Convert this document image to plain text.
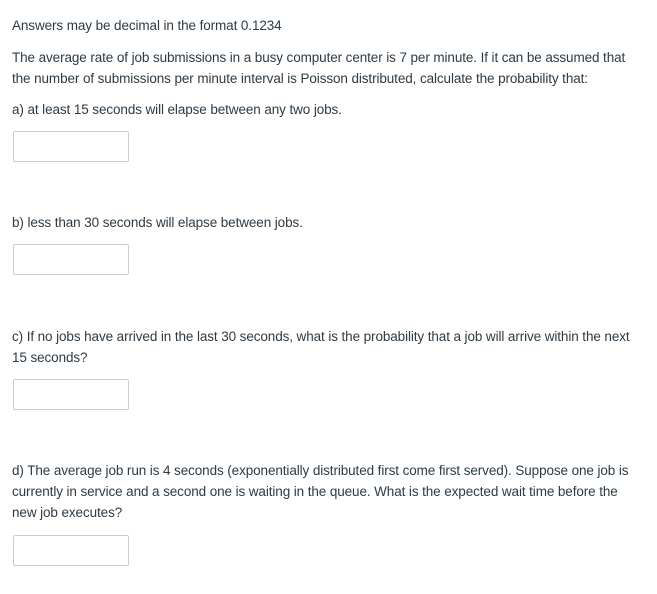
Answers may be decimal in the format 0.1234

The average rate of job submissions in a busy computer center is 7 per minute. If it can be assumed that the number of submissions per minute interval is Poisson distributed, calculate the probability that:

a) at least 15 seconds will elapse between any two jobs.

b) less than 30 seconds will elapse between jobs.

c) If no jobs have arrived in the last 30 seconds, what is the probability that a job will arrive within the next 15 seconds?

d) The average job run is 4 seconds (exponentially distributed first come first served). Suppose one job is currently in service and a second one is waiting in the queue. What is the expected wait time before the new job executes?
